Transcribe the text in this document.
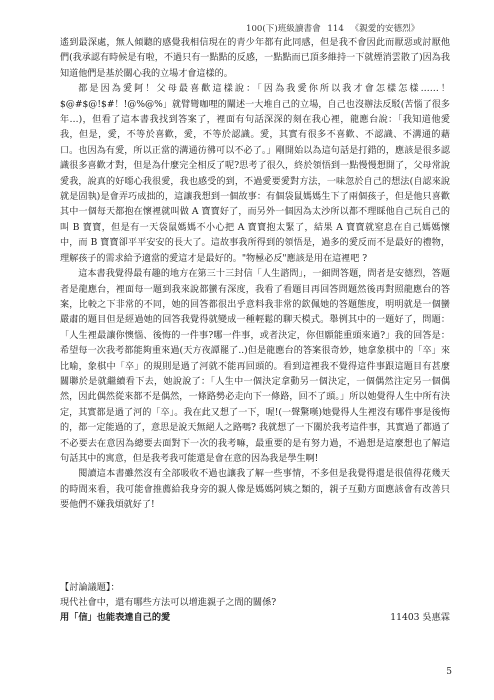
100(下)班級讀書會 114 《親愛的安德烈》

遙到最深處，無人傾聽的感覺我相信現在的青少年都有此同感，但是我不會因此而厭惡或討厭他們(我承認有時候是有啦，不過只有一點點的反感，一點點而已頂多維持一下就煙消雲散了)因為我知道他們是基於關心我的立場才會這樣的。

都是因為愛阿！父母最喜歡這樣說：「因為我愛你所以我才會怎樣怎樣……！$@#$@!$#！!@%@%」就臂彎咖哩的闡述一大堆自己的立場，自己也沒辦法反駁(苦惱了很多年…)，但看了這本書我找到答案了，裡面有句話深深的刻在我心裡，龍應台說：「我知道他愛我，但是，愛，不等於喜歡，愛，不等於認識。愛，其實有很多不喜歡、不認識、不溝通的藉口。也因為有愛，所以正當的溝通彷彿可以不必了。」剛開始以為這句話是打錯的，應該是很多認識很多喜歡才對，但是為什麼完全相反了呢?思考了很久，終於領悟到一點慢慢想開了，父母常說愛我，說真的好噁心我很愛，我也感受的到，不過愛要愛對方法，一味忽於自己的想法(自認來說就是固執)是會弄巧成拙的，這讓我想到一個故事：有個袋鼠媽媽生下了兩個孩子，但是他只喜歡其中一個每天都抱在懷裡就叫做 A 寶寶好了，而另外一個因為太沙所以都不理睬他自己玩自己的叫 B 寶寶，但是有一天袋鼠媽媽不小心把 A 寶寶抱太緊了，結果 A 寶寶就窒息在自己媽媽懷中，而 B 寶寶卻平平安安的長大了。這故事我所得到的領悟是，過多的愛反而不是最好的禮物，理解孩子的需求給予適當的愛這才是最好的。"物極必反"應該是用在這裡吧 ?

這本書我覺得最有趣的地方在第三十三封信「人生諮問」，一細問答題，問者是安德烈，答題者是龍應台，裡面每一題到我來說都蠻有深度，我看了看題目再回答問題然後再對照龍應台的答案，比較之下非常的不同，她的回答都很出乎意料我非常的欽佩她的答題態度，明明就是一個蠻嚴肅的題目但是經過她的回答我覺得就變成一種輕鬆的聊天模式。舉例其中的一題好了，問題：「人生裡最讓你懊惱、後悔的一件事?哪一件事，或者決定，你但願能重頭來過?」我的回答是：希望每一次我考都能夠重來過(天方夜譚罷了..)但是龍應台的答案很奇妙，她拿象棋中的「卒」來比喻，象棋中「卒」的規則是過了河就不能再回頭的。看到這裡我不覺得這件事跟這題目有甚麼關聯於是就繼續看下去，她說說了：「人生中一個決定拿動另一個決定，一個偶然注定另一個偶然，因此偶然從來都不是偶然，一條路勢必走向下一條路，回不了頭。」所以她覺得人生中所有決定，其實都是過了河的「卒」。我在此又想了一下，喔!(一聲驚嘆)她覺得人生裡沒有哪件事是後悔的，都一定能過的了，意思是說天無絕人之路嗎? 我就想了一下關於我考這件事，其實過了都過了不必要去在意因為總要去面對下一次的我考嘛，最重要的是有努力過，不過想是這麼想也了解這句話其中的寓意，但是我考我可能還是會在意的因為我是學生啊!

閱讀這本書雖然沒有全部吸收不過也讓我了解一些事情，不多但是我覺得還是很值得花幾天的時間來看，我可能會推薦給我身旁的親人像是媽媽阿姨之類的，親子互動方面應該會有改善只要他們不嫌我煩就好了!

【討論議題】：
現代社會中，還有哪些方法可以增進親子之間的關係?
用「信」也能表達自己的愛	11403 吳惠霖
5
